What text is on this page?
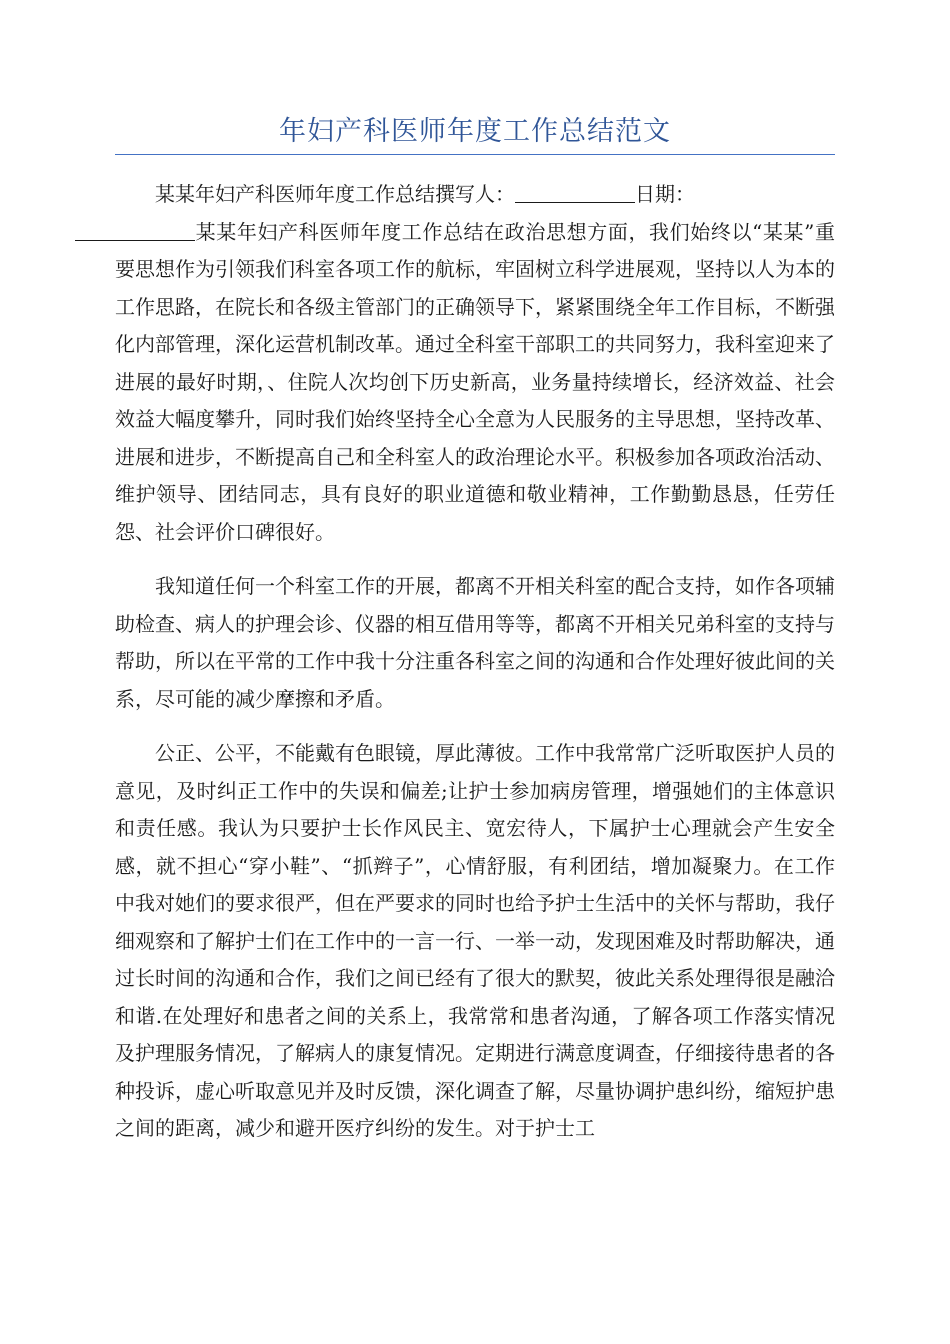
年妇产科医师年度工作总结范文

某某年妇产科医师年度工作总结撰写人：	日期：
某某年妇产科医师年度工作总结在政治思想方面，我们始终以“某某”重要思想作为引领我们科室各项工作的航标，牢固树立科学进展观，坚持以人为本的工作思路，在院长和各级主管部门的正确领导下，紧紧围绕全年工作目标，不断强化内部管理，深化运营机制改革。通过全科室干部职工的共同努力，我科室迎来了进展的最好时期，、住院人次均创下历史新高，业务量持续增长，经济效益、社会效益大幅度攀升，同时我们始终坚持全心全意为人民服务的主导思想，坚持改革、进展和进步，不断提高自己和全科室人的政治理论水平。积极参加各项政治活动、维护领导、团结同志，具有良好的职业道德和敬业精神，工作勤勤恳恳，任劳任怨、社会评价口碑很好。

我知道任何一个科室工作的开展，都离不开相关科室的配合支持，如作各项辅助检查、病人的护理会诊、仪器的相互借用等等，都离不开相关兄弟科室的支持与帮助，所以在平常的工作中我十分注重各科室之间的沟通和合作处理好彼此间的关系，尽可能的减少摩擦和矛盾。

公正、公平，不能戴有色眼镜，厚此薄彼。工作中我常常广泛听取医护人员的意见，及时纠正工作中的失误和偏差;让护士参加病房管理，增强她们的主体意识和责任感。我认为只要护士长作风民主、宽宏待人，下属护士心理就会产生安全感，就不担心“穿小鞋”、“抓辫子”，心情舒服，有利团结，增加凝聚力。在工作中我对她们的要求很严，但在严要求的同时也给予护士生活中的关怀与帮助，我仔细观察和了解护士们在工作中的一言一行、一举一动，发现困难及时帮助解决，通过长时间的沟通和合作，我们之间已经有了很大的默契，彼此关系处理得很是融洽和谐.在处理好和患者之间的关系上，我常常和患者沟通，了解各项工作落实情况及护理服务情况，了解病人的康复情况。定期进行满意度调查，仔细接待患者的各种投诉，虚心听取意见并及时反馈，深化调查了解，尽量协调护患纠纷，缩短护患之间的距离，减少和避开医疗纠纷的发生。对于护士工
